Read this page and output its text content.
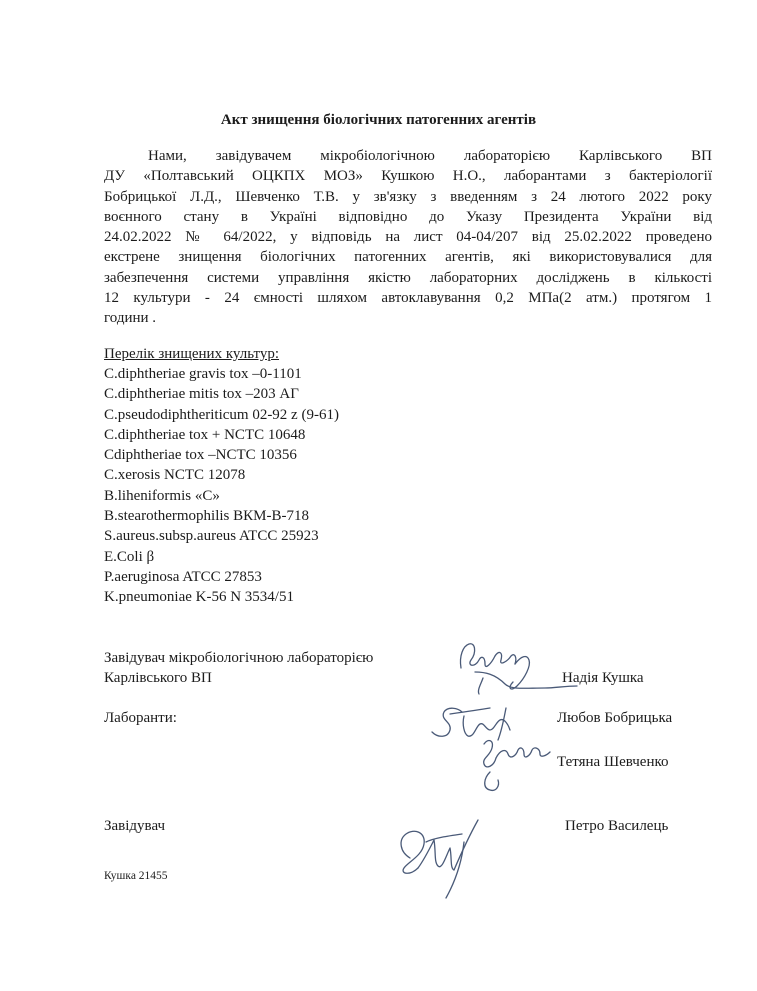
Акт знищення біологічних патогенних агентів
Нами, завідувачем мікробіологічною лабораторією Карлівського ВП
ДУ «Полтавський ОЦКПХ МОЗ» Кушкою Н.О., лаборантами з бактеріології
Бобрицької Л.Д., Шевченко Т.В. у зв'язку з введенням з 24 лютого 2022 року
воєнного стану в Україні відповідно до Указу Президента України від
24.02.2022 № 64/2022, у відповідь на лист 04-04/207 від 25.02.2022 проведено
екстрене знищення біологічних патогенних агентів, які використовувалися для
забезпечення системи управління якістю лабораторних досліджень в кількості
12 культури - 24 ємності шляхом автоклавування 0,2 МПа(2 атм.) протягом 1
години .
Перелік знищених культур:
C.diphtheriae gravis tox –0-1101
C.diphtheriae mitis tox –203 АГ
C.pseudodiphtheriticum 02-92 z (9-61)
C.diphtheriae tox + NCTC 10648
Cdiphtheriae tox –NCTC 10356
C.xerosis NCTC 12078
B.liheniformis «C»
B.stearothermophilis ВКМ-В-718
S.aureus.subsp.aureus ATCC 25923
E.Coli β
P.aeruginosa ATCC 27853
K.pneumoniae K-56 N 3534/51
Завідувач мікробіологічною лабораторією
Карлівського ВП	Надія Кушка
Лаборанти:	Любов Бобрицька
Тетяна Шевченко
Завідувач	Петро Василець
Кушка 21455
